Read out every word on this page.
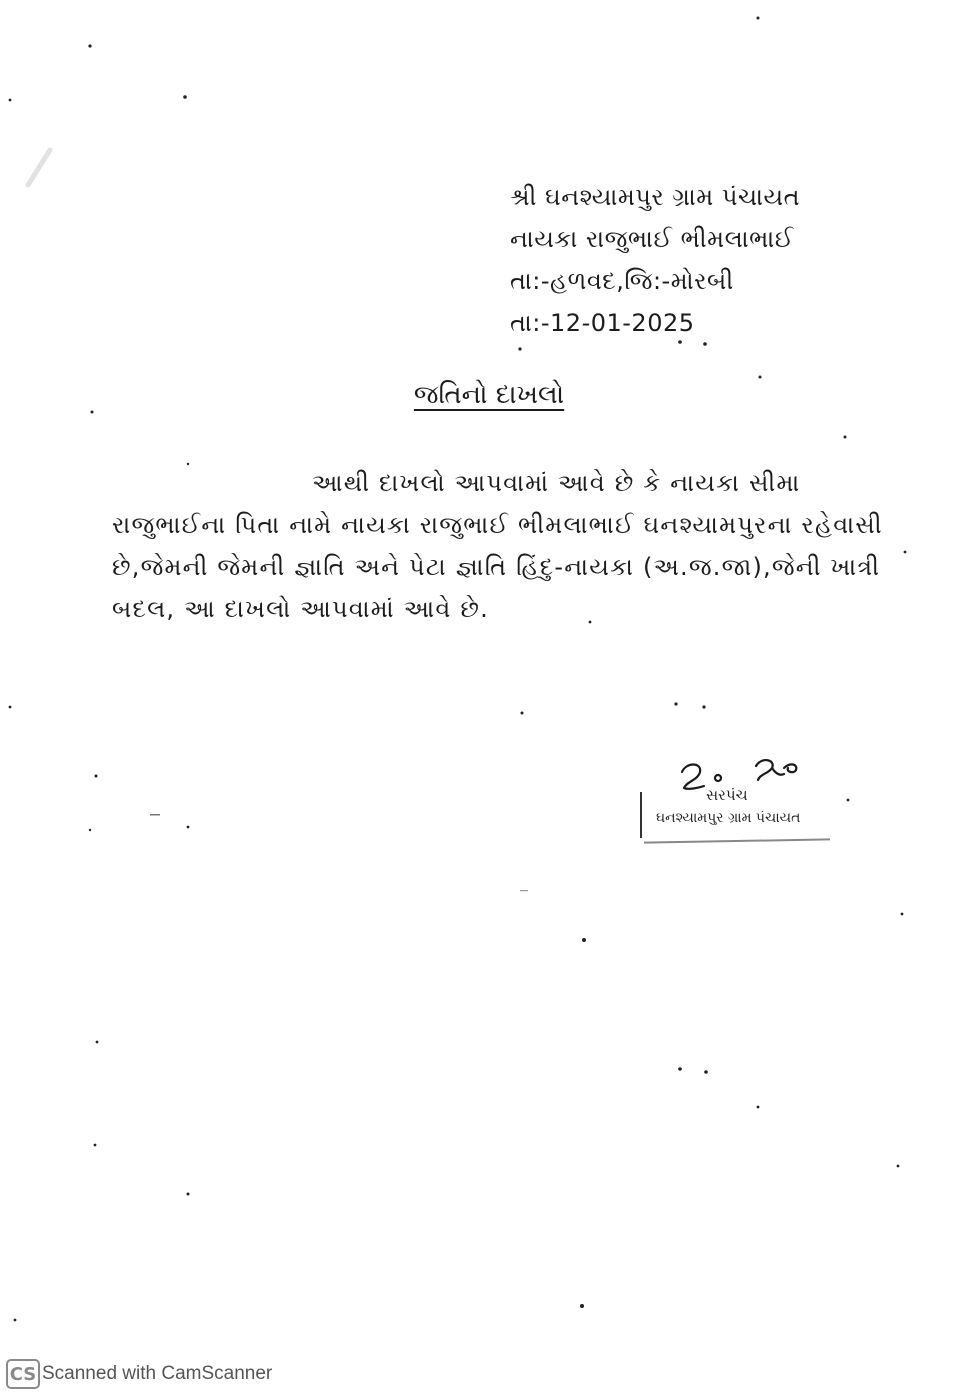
શ્રી ઘનશ્યામપુર ગ્રામ પંચાયત
નાયકા રાજુભાઈ ભીમલાભાઈ
તા:-હળવદ,જિ:-મોરબી
તા:-12-01-2025
જતિનો દાખલો
આથી દાખલો આપવામાં આવે છે કે નાયકા સીમા
રાજુભાઈના પિતા નામે નાયકા રાજુભાઈ ભીમલાભાઈ ઘનશ્યામપુરના રહેવાસી
છે,જેમની જેમની જ્ઞાતિ અને પેટા જ્ઞાતિ હિંદુ-નાયકા (અ.જ.જા),જેની ખાત્રી
બદલ, આ દાખલો આપવામાં આવે છે.
સરપંચ
ઘનશ્યામપુર ગ્રામ પંચાયત
CS Scanned with CamScanner
